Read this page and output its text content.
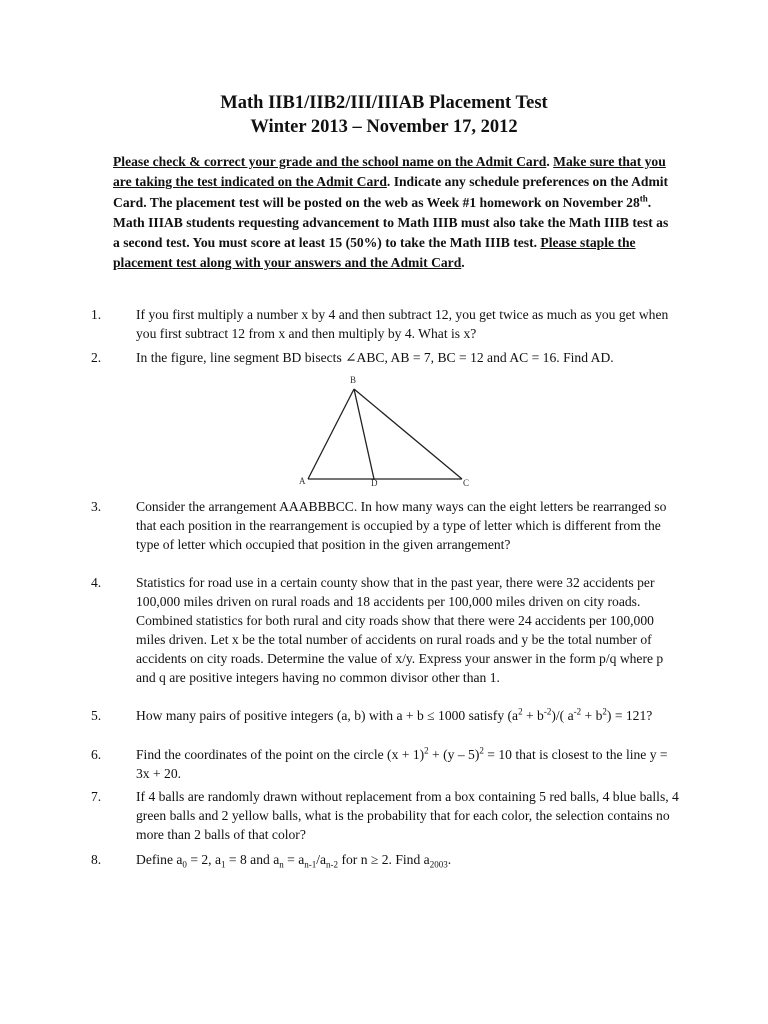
Math IIB1/IIB2/III/IIIAB Placement Test
Winter 2013 – November 17, 2012
Please check & correct your grade and the school name on the Admit Card. Make sure that you are taking the test indicated on the Admit Card. Indicate any schedule preferences on the Admit Card. The placement test will be posted on the web as Week #1 homework on November 28th. Math IIIAB students requesting advancement to Math IIIB must also take the Math IIIB test as a second test. You must score at least 15 (50%) to take the Math IIIB test. Please staple the placement test along with your answers and the Admit Card.
1.	If you first multiply a number x by 4 and then subtract 12, you get twice as much as you get when you first subtract 12 from x and then multiply by 4. What is x?
2.	In the figure, line segment BD bisects ∠ABC, AB = 7, BC = 12 and AC = 16. Find AD.
B
A	C
D
3.	Consider the arrangement AAABBBCC. In how many ways can the eight letters be rearranged so that each position in the rearrangement is occupied by a type of letter which is different from the type of letter which occupied that position in the given arrangement?
4.	Statistics for road use in a certain county show that in the past year, there were 32 accidents per 100,000 miles driven on rural roads and 18 accidents per 100,000 miles driven on city roads. Combined statistics for both rural and city roads show that there were 24 accidents per 100,000 miles driven. Let x be the total number of accidents on rural roads and y be the total number of accidents on city roads. Determine the value of x/y. Express your answer in the form p/q where p and q are positive integers having no common divisor other than 1.
5.	How many pairs of positive integers (a, b) with a + b ≤ 1000 satisfy $(a^2 + b^{-2})/$( $a^{-2} + b^2) = 121$?
6.	Find the coordinates of the point on the circle $(x + 1)^2 + (y - 5)^2 = 10$ that is closest to the line y = 3x + 20.
7.	If 4 balls are randomly drawn without replacement from a box containing 5 red balls, 4 blue balls, 4 green balls and 2 yellow balls, what is the probability that for each color, the selection contains no more than 2 balls of that color?
8.	Define $a_0 = 2$, $a_1 = 8$ and $a_n = a_{n-1}/a_{n-2}$ for n ≥ 2. Find $a_{2003}$.
